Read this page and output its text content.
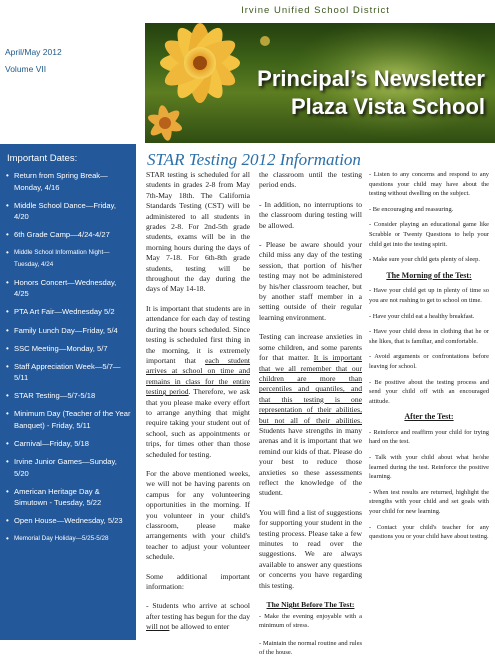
April/May 2012
Volume VII
Important Dates:
• Return from Spring Break—Monday, 4/16
• Middle School Dance—Friday, 4/20
• 6th Grade Camp—4/24-4/27
• Middle School Information Night—Tuesday, 4/24
• Honors Concert—Wednesday, 4/25
• PTA Art Fair—Wednesday 5/2
• Family Lunch Day—Friday, 5/4
• SSC Meeting—Monday, 5/7
• Staff Appreciation Week—5/7—5/11
• STAR Testing—5/7-5/18
• Minimum Day (Teacher of the Year Banquet) - Friday, 5/11
• Carnival—Friday, 5/18
• Irvine Junior Games—Sunday, 5/20
• American Heritage Day & Simutown - Tuesday, 5/22
• Open House—Wednesday, 5/23
• Memorial Day Holiday—5/25-5/28
Irvine Unified School District
Principal’s Newsletter
Plaza Vista School
STAR Testing 2012 Information

STAR testing is scheduled for all students in grades 2-8 from May 7th-May 18th. The California Standards Testing (CST) will be administered to all students in grades 2-8. For 2nd-5th grade students, exams will be in the morning hours during the days of May 7-18. For 6th-8th grade students, testing will be throughout the day during the days of May 14-18.

It is important that students are in attendance for each day of testing during the hours scheduled. Since testing is scheduled first thing in the morning, it is extremely important that each student arrives at school on time and remains in class for the entire testing period. Therefore, we ask that you please make every effort to arrange anything that might require taking your student out of school, such as appointments or trips, for times other than those scheduled for testing.

For the above mentioned weeks, we will not be having parents on campus for any volunteering opportunities in the morning. If you volunteer in your child's classroom, please make arrangements with your child's teacher to adjust your volunteer schedule.

Some additional important information:

- Students who arrive at school after testing has begun for the day will not be allowed to enter

the classroom until the testing period ends.

- In addition, no interruptions to the classroom during testing will be allowed.

- Please be aware should your child miss any day of the testing session, that portion of his/her testing may not be administered by his/her classroom teacher, but by another staff member in a setting outside of their regular learning environment.

Testing can increase anxieties in some children, and some parents for that matter. It is important that we all remember that our children are more than percentiles and quantiles, and that this testing is one representation of their abilities, but not all of their abilities. Students have strengths in many arenas and it is important that we remind our kids of that. Please do your best to reduce those anxieties so these assessments reflect the knowledge of the student.

You will find a list of suggestions for supporting your student in the testing process. Please take a few minutes to read over the suggestions. We are always available to answer any questions or concerns you have regarding this testing.

The Night Before The Test:

- Make the evening enjoyable with a minimum of stress.

- Maintain the normal routine and rules of the house.

- Listen to any concerns and respond to any questions your child may have about the testing without dwelling on the subject.

- Be encouraging and reassuring.

- Consider playing an educational game like Scrabble or Twenty Questions to help your child get into the testing spirit.

- Make sure your child gets plenty of sleep.

The Morning of the Test:

- Have your child get up in plenty of time so you are not rushing to get to school on time.

- Have your child eat a healthy breakfast.

- Have your child dress in clothing that he or she likes, that is familiar, and comfortable.

- Avoid arguments or confrontations before leaving for school.

- Be positive about the testing process and send your child off with an encouraged attitude.

After the Test:

- Reinforce and reaffirm your child for trying hard on the test.

- Talk with your child about what he/she learned during the test. Reinforce the positive learning.

- When test results are returned, highlight the strengths with your child and set goals with your child for new learning.

- Contact your child's teacher for any questions you or your child have about testing.
